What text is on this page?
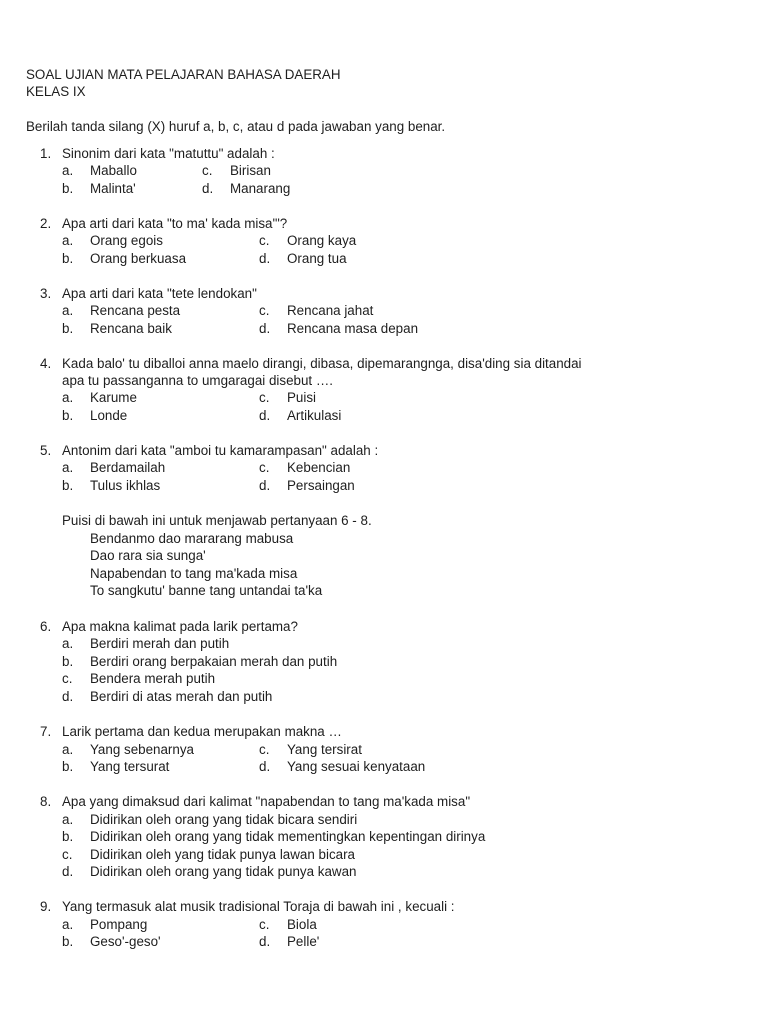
SOAL UJIAN MATA PELAJARAN BAHASA DAERAH
KELAS IX
Berilah tanda silang (X) huruf a, b, c, atau d pada jawaban yang benar.
1. Sinonim dari kata "matuttu" adalah :
a. Maballo	c. Birisan
b. Malinta'	d. Manarang
2. Apa arti dari kata "to ma' kada misa'"?
a. Orang egois	c. Orang kaya
b. Orang berkuasa	d. Orang tua
3. Apa arti dari kata "tete lendokan"
a. Rencana pesta	c. Rencana jahat
b. Rencana baik	d. Rencana masa depan
4. Kada balo' tu diballoi anna maelo dirangi, dibasa, dipemarangnga, disa'ding sia ditandai
apa tu passanganna to umgaragai disebut ….
a. Karume	c. Puisi
b. Londe	d. Artikulasi
5. Antonim dari kata "amboi tu kamarampasan" adalah :
a. Berdamailah	c. Kebencian
b. Tulus ikhlas	d. Persaingan
Puisi di bawah ini untuk menjawab pertanyaan 6 - 8.
Bendanmo dao mararang mabusa
Dao rara sia sunga'
Napabendan to tang ma'kada misa
To sangkutu' banne tang untandai ta'ka
6. Apa makna kalimat pada larik pertama?
a. Berdiri merah dan putih
b. Berdiri orang berpakaian merah dan putih
c. Bendera merah putih
d. Berdiri di atas merah dan putih
7. Larik pertama dan kedua merupakan makna …
a. Yang sebenarnya	c. Yang tersirat
b. Yang tersurat	d. Yang sesuai kenyataan
8. Apa yang dimaksud dari kalimat "napabendan to tang ma'kada misa"
a. Didirikan oleh orang yang tidak bicara sendiri
b. Didirikan oleh orang yang tidak mementingkan kepentingan dirinya
c. Didirikan oleh yang tidak punya lawan bicara
d. Didirikan oleh orang yang tidak punya kawan
9. Yang termasuk alat musik tradisional Toraja di bawah ini , kecuali :
a. Pompang	c. Biola
b. Geso'-geso'	d. Pelle'
